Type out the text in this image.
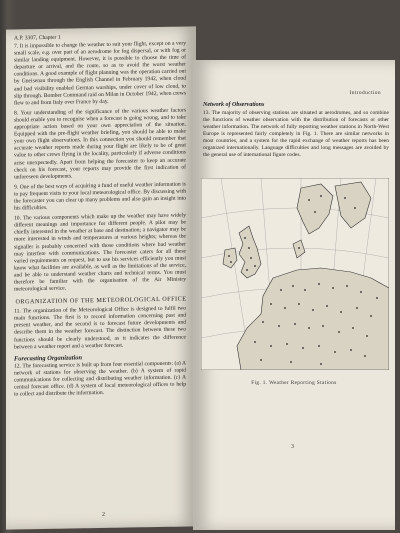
A.P. 3307, Chapter 1

7. It is impossible to change the weather to suit your flight, except on a very small scale, e.g. over part of an aerodrome for fog dispersal, or with fog or similar landing equipment. However, it is possible to choose the time of departure or arrival, and the route, so as to avoid the worst weather conditions. A good example of flight planning was the operation carried out by Gneisenau through the English Channel in February 1942, when cloud and bad visibility enabled German warships, under cover of low cloud, to slip through. Bomber Command raid on Milan in October 1942, when crews flew to and from Italy over France by day.

8. Your understanding of the significance of the various weather factors should enable you to recognise when a forecast is going wrong, and to take appropriate action based on your own appreciation of the situation. Equipped with the pre-flight weather briefing, you should be able to make your own flight observations. In this connection you should remember that accurate weather reports made during your flight are likely to be of great value to other crews flying in the locality, particularly if adverse conditions arise unexpectedly. Apart from helping the forecaster to keep an accurate check on his forecast, your reports may provide the first indication of unforeseen developments.

9. One of the best ways of acquiring a fund of useful weather information is to pay frequent visits to your local meteorological office. By discussing with the forecaster you can clear up many problems and also gain an insight into his difficulties.

10. The various components which make up the weather may have widely different meanings and importance for different people. A pilot may be chiefly interested in the weather at base and destination; a navigator may be more interested in winds and temperatures at various heights; whereas the signaller is probably concerned with those conditions where bad weather may interfere with communications. The forecaster caters for all these varied requirements on request, but to use his services efficiently you must know what facilities are available, as well as the limitations of the service, and be able to understand weather charts and technical terms. You must therefore be familiar with the organisation of the Air Ministry meteorological service.

ORGANIZATION OF THE METEOROLOGICAL OFFICE

11. The organization of the Meteorological Office is designed to fulfil two main functions. The first is to record information concerning past and present weather, and the second is to forecast future developments and describe them in the weather forecast. The distinction between these two functions should be clearly understood, as it indicates the difference between a weather report and a weather forecast.

Forecasting Organization

12. The forecasting service is built up from four essential components: (a) A network of stations for observing the weather. (b) A system of rapid communications for collecting and distributing weather information. (c) A central forecast office. (d) A system of local meteorological offices to help to collect and distribute the information.

2
Introduction
Network of Observations

13. The majority of observing stations are situated at aerodromes, and so combine the functions of weather observation with the distribution of forecasts or other weather information. The network of fully reporting weather stations in North-West Europe is represented fairly completely in Fig. 1. There are similar networks in most countries, and a system for the rapid exchange of weather reports has been organized internationally. Language difficulties and long messages are avoided by the general use of international figure codes.

Fig. 1. Weather Reporting Stations
3
